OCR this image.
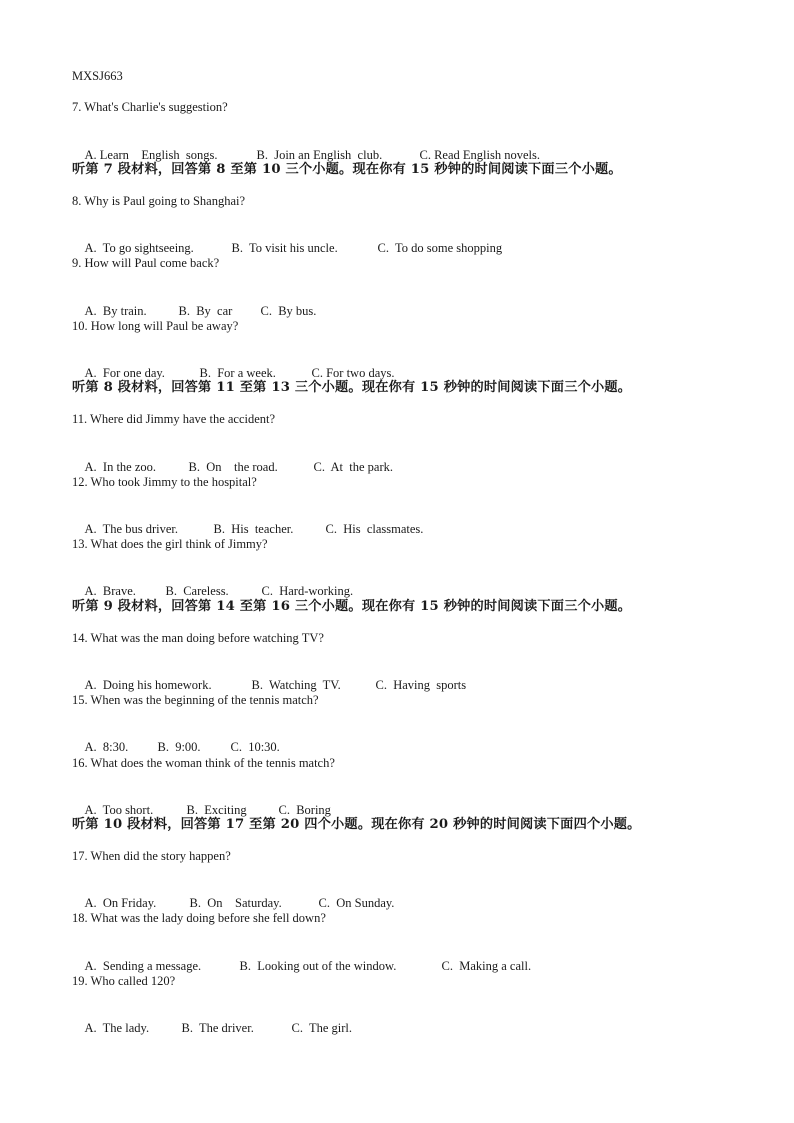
MXSJ663
7. What's Charlie's suggestion?

A. Learn    English  songs.	B.  Join an English  club.	C. Read English novels.

听第 7 段材料，回答第 8 至第 10 三个小题。现在你有 15 秒钟的时间阅读下面三个小题。
8. Why is Paul going to Shanghai?

A.  To go sightseeing.	B.  To visit his uncle.	C.  To do some shopping

9. How will Paul come back?

A.  By train.	B.  By  car C.  By bus.

10. How long will Paul be away?

A.  For one day.	B.  For a week.	C. For two days.

听第 8 段材料，回答第 11 至第 13 三个小题。现在你有 15 秒钟的时间阅读下面三个小题。
11. Where did Jimmy have the accident?

A.  In the zoo.	B.  On    the road.	C.  At  the park.

12. Who took Jimmy to the hospital?

A.  The bus driver.	B.  His  teacher.	C.  His  classmates.

13. What does the girl think of Jimmy?

A.  Brave. B.  Careless.	C.  Hard-working.

听第 9 段材料，回答第 14 至第 16 三个小题。现在你有 15 秒钟的时间阅读下面三个小题。
14. What was the man doing before watching TV?

A.  Doing his homework.	B.  Watching  TV.	C.  Having  sports

15. When was the beginning of the tennis match?

A.  8:30. B.  9:00. C.  10:30.

16. What does the woman think of the tennis match?

A.  Too short.	B.  Exciting	C.  Boring

听第 10 段材料，回答第 17 至第 20 四个小题。现在你有 20 秒钟的时间阅读下面四个小题。
17. When did the story happen?

A.  On Friday.	B.  On    Saturday.	C.  On Sunday.

18. What was the lady doing before she fell down?

A.  Sending a message.	B.  Looking out of the window.	C.  Making a call.

19. Who called 120?

A.  The lady.	B.  The driver.	C.  The girl.
